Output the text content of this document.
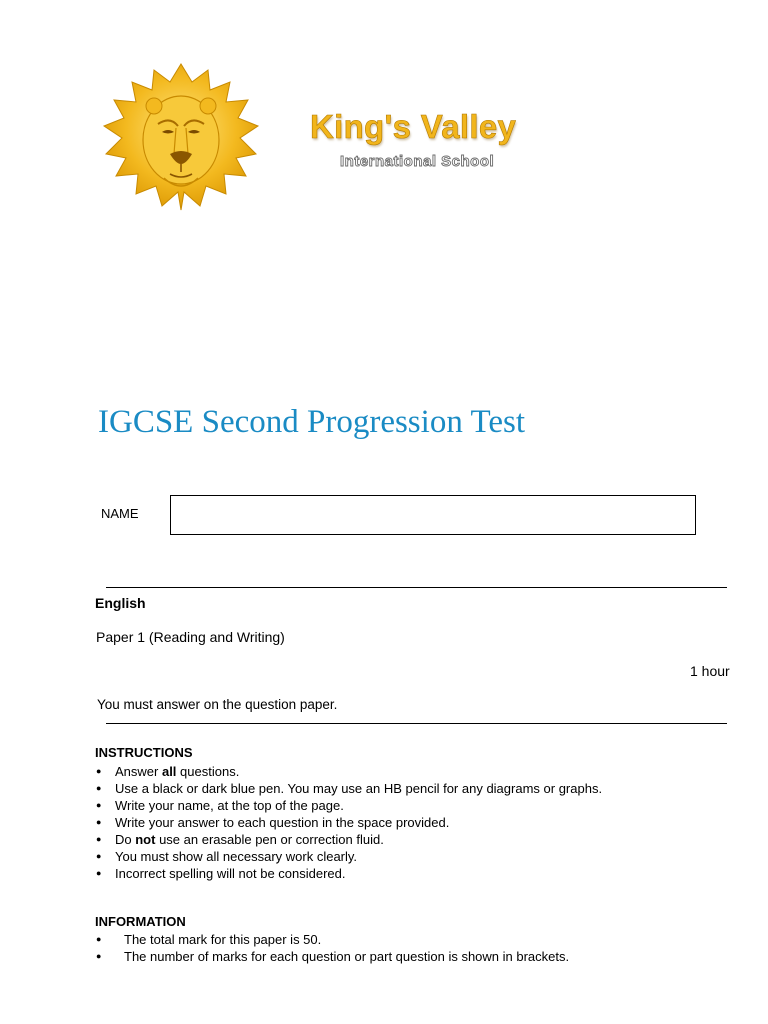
King's Valley
International School
IGCSE Second Progression Test
NAME
English
Paper 1 (Reading and Writing)
1 hour
You must answer on the question paper.
INSTRUCTIONS
● Answer all questions.
● Use a black or dark blue pen. You may use an HB pencil for any diagrams or graphs.
● Write your name, at the top of the page.
● Write your answer to each question in the space provided.
● Do not use an erasable pen or correction fluid.
● You must show all necessary work clearly.
● Incorrect spelling will not be considered.
INFORMATION
● The total mark for this paper is 50.
● The number of marks for each question or part question is shown in brackets.
